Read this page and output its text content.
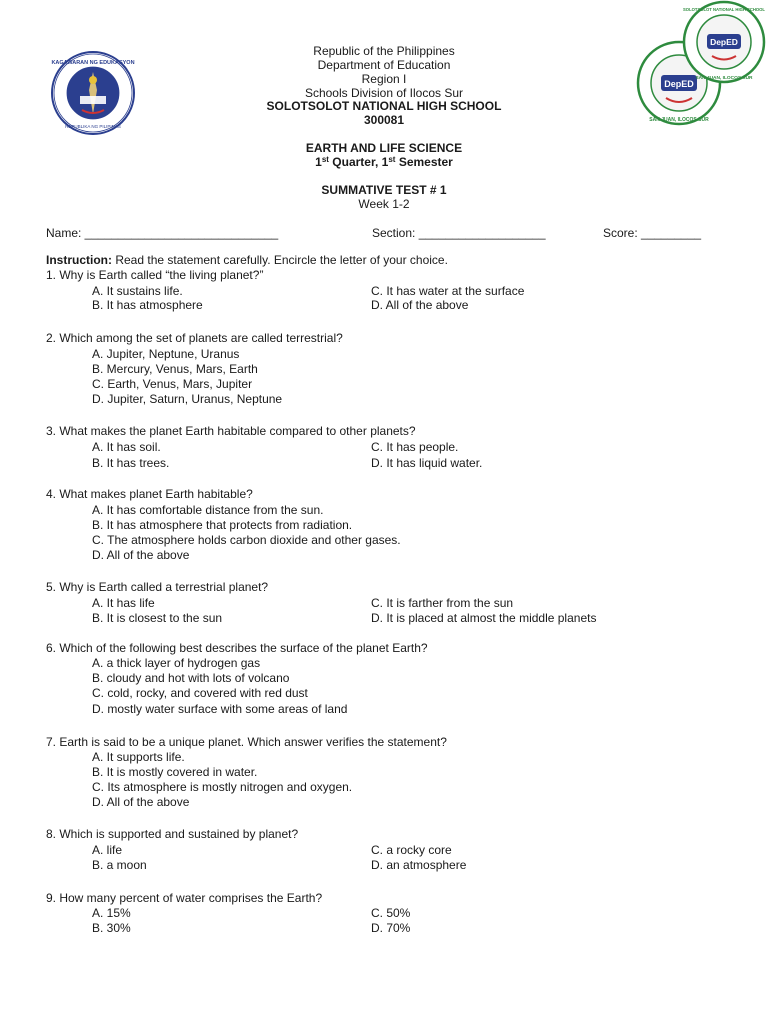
KAGAWARAN NG EDUKASYON
REPUBLIKA NG PILIPINAS
DepED
SAN JUAN, ILOCOS SUR
DepED
SOLOTSOLOT NATIONAL HIGH SCHOOL
SAN JUAN, ILOCOS SUR
Republic of the Philippines
Department of Education
Region I
Schools Division of Ilocos Sur
SOLOTSOLOT NATIONAL HIGH SCHOOL
300081
EARTH AND LIFE SCIENCE
1st Quarter, 1st Semester
SUMMATIVE TEST # 1
Week 1-2
Name: _____________________________	Section: ___________________	Score: _________
Instruction: Read the statement carefully. Encircle the letter of your choice.
1. Why is Earth called “the living planet?”
A. It sustains life.
B. It has atmosphere
C. It has water at the surface
D. All of the above
2. Which among the set of planets are called terrestrial?
A. Jupiter, Neptune, Uranus
B. Mercury, Venus, Mars, Earth
C. Earth, Venus, Mars, Jupiter
D. Jupiter, Saturn, Uranus, Neptune
3. What makes the planet Earth habitable compared to other planets?
A. It has soil.
B. It has trees.
C. It has people.
D. It has liquid water.
4. What makes planet Earth habitable?
A. It has comfortable distance from the sun.
B. It has atmosphere that protects from radiation.
C. The atmosphere holds carbon dioxide and other gases.
D. All of the above
5. Why is Earth called a terrestrial planet?
A. It has life
B. It is closest to the sun
C. It is farther from the sun
D. It is placed at almost the middle planets
6. Which of the following best describes the surface of the planet Earth?
A. a thick layer of hydrogen gas
B. cloudy and hot with lots of volcano
C. cold, rocky, and covered with red dust
D. mostly water surface with some areas of land
7. Earth is said to be a unique planet. Which answer verifies the statement?
A. It supports life.
B. It is mostly covered in water.
C. Its atmosphere is mostly nitrogen and oxygen.
D. All of the above
8. Which is supported and sustained by planet?
A. life
B. a moon
C. a rocky core
D. an atmosphere
9. How many percent of water comprises the Earth?
A. 15%
B. 30%
C. 50%
D. 70%
